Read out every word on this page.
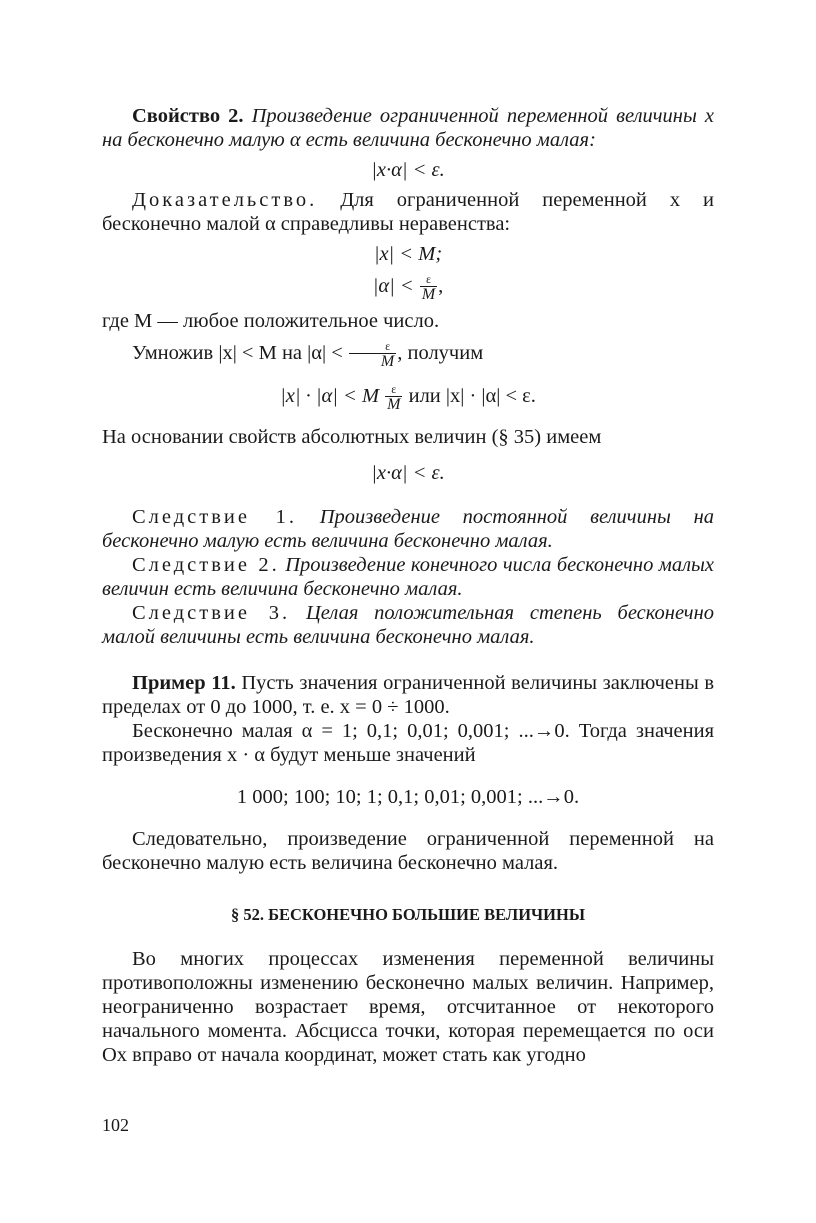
Свойство 2. Произведение ограниченной переменной величины x на бесконечно малую α есть величина бесконечно малая:

|x·α| < ε.

Доказательство. Для ограниченной переменной x и бесконечно малой α справедливы неравенства:

|x| < M;
$|\alpha| < \frac{\varepsilon}{M}$ ,

где M — любое положительное число.

Умножив |x| < M на $|\alpha| < \frac{\varepsilon}{M}$ , получим

|x| · |α| < M $\frac{\varepsilon}{M}$ или |x| · |α| < ε.

На основании свойств абсолютных величин (§ 35) имеем

|x·α| < ε.

Следствие 1. Произведение постоянной величины на бесконечно малую есть величина бесконечно малая.

Следствие 2. Произведение конечного числа бесконечно малых величин есть величина бесконечно малая.

Следствие 3. Целая положительная степень бесконечно малой величины есть величина бесконечно малая.

Пример 11. Пусть значения ограниченной величины заключены в пределах от 0 до 1000, т. е. x = 0 ÷ 1000.

Бесконечно малая α = 1; 0,1; 0,01; 0,001; ...→0. Тогда значения произведения x · α будут меньше значений

1 000; 100; 10; 1; 0,1; 0,01; 0,001; ...→0.

Следовательно, произведение ограниченной переменной на бесконечно малую есть величина бесконечно малая.

§ 52. БЕСКОНЕЧНО БОЛЬШИЕ ВЕЛИЧИНЫ

Во многих процессах изменения переменной величины противоположны изменению бесконечно малых величин. Например, неограниченно возрастает время, отсчитанное от некоторого начального момента. Абсцисса точки, которая перемещается по оси Ox вправо от начала координат, может стать как угодно

102
